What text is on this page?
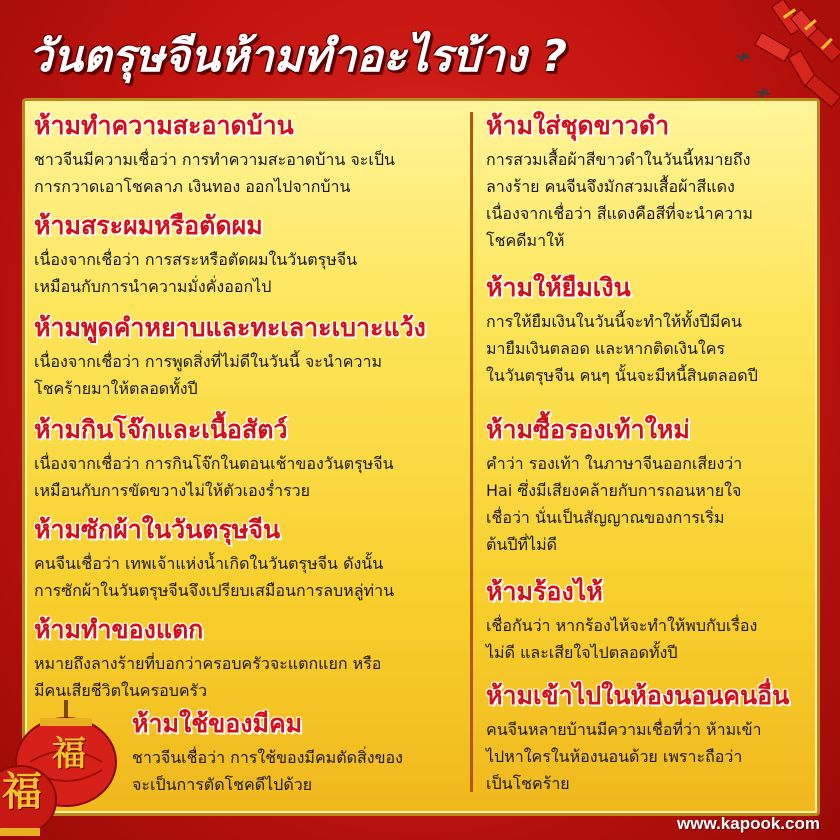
วันตรุษจีนห้ามทำอะไรบ้าง ?
ห้ามทำความสะอาดบ้าน

ชาวจีนมีความเชื่อว่า การทำความสะอาดบ้าน จะเป็น
การกวาดเอาโชคลาภ เงินทอง ออกไปจากบ้าน

ห้ามสระผมหรือตัดผม

เนื่องจากเชื่อว่า การสระหรือตัดผมในวันตรุษจีน
เหมือนกับการนำความมั่งคั่งออกไป

ห้ามพูดคำหยาบและทะเลาะเบาะแว้ง

เนื่องจากเชื่อว่า การพูดสิ่งที่ไม่ดีในวันนี้ จะนำความ
โชคร้ายมาให้ตลอดทั้งปี

ห้ามกินโจ๊กและเนื้อสัตว์

เนื่องจากเชื่อว่า การกินโจ๊กในตอนเช้าของวันตรุษจีน
เหมือนกับการขัดขวางไม่ให้ตัวเองร่ำรวย

ห้ามซักผ้าในวันตรุษจีน

คนจีนเชื่อว่า เทพเจ้าแห่งน้ำเกิดในวันตรุษจีน ดังนั้น
การซักผ้าในวันตรุษจีนจึงเปรียบเสมือนการลบหลู่ท่าน

ห้ามทำของแตก

หมายถึงลางร้ายที่บอกว่าครอบครัวจะแตกแยก หรือ
มีคนเสียชีวิตในครอบครัว

ห้ามใช้ของมีคม

ชาวจีนเชื่อว่า การใช้ของมีคมตัดสิ่งของ
จะเป็นการตัดโชคดีไปด้วย

ห้ามใส่ชุดขาวดำ

การสวมเสื้อผ้าสีขาวดำในวันนี้หมายถึง
ลางร้าย คนจีนจึงมักสวมเสื้อผ้าสีแดง
เนื่องจากเชื่อว่า สีแดงคือสีที่จะนำความ
โชคดีมาให้

ห้ามให้ยืมเงิน

การให้ยืมเงินในวันนี้จะทำให้ทั้งปีมีคน
มายืมเงินตลอด และหากติดเงินใคร
ในวันตรุษจีน คนๆ นั้นจะมีหนี้สินตลอดปี

ห้ามซื้อรองเท้าใหม่

คำว่า รองเท้า ในภาษาจีนออกเสียงว่า
Hai ซึ่งมีเสียงคล้ายกับการถอนหายใจ
เชื่อว่า นั่นเป็นสัญญาณของการเริ่ม
ต้นปีที่ไม่ดี

ห้ามร้องไห้

เชื่อกันว่า หากร้องไห้จะทำให้พบกับเรื่อง
ไม่ดี และเสียใจไปตลอดทั้งปี

ห้ามเข้าไปในห้องนอนคนอื่น

คนจีนหลายบ้านมีความเชื่อที่ว่า ห้ามเข้า
ไปหาใครในห้องนอนด้วย เพราะถือว่า
เป็นโชคร้าย

福
福
www.kapook.com
